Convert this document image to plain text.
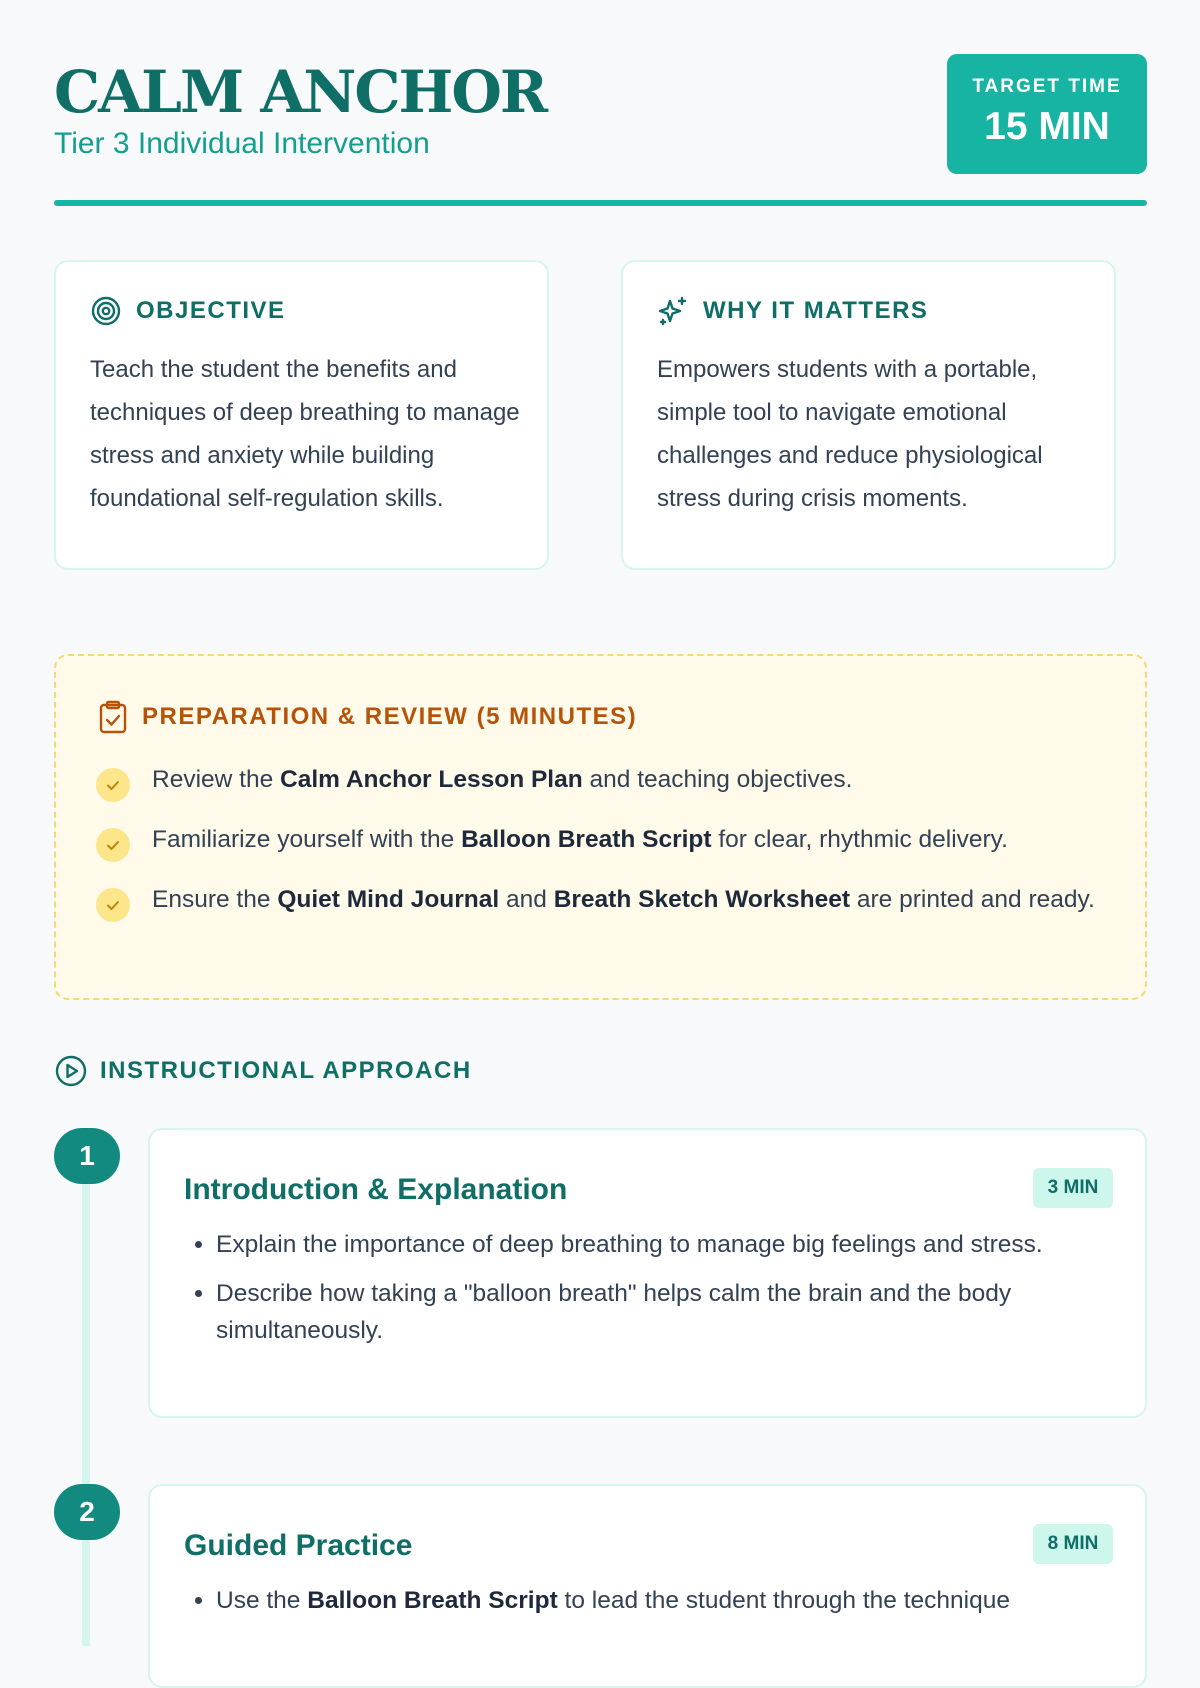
CALM ANCHOR
Tier 3 Individual Intervention
TARGET TIME
15 MIN
OBJECTIVE
Teach the student the benefits and techniques of deep breathing to manage stress and anxiety while building foundational self-regulation skills.
WHY IT MATTERS
Empowers students with a portable, simple tool to navigate emotional challenges and reduce physiological stress during crisis moments.
PREPARATION & REVIEW (5 MINUTES)
Review the Calm Anchor Lesson Plan and teaching objectives.
Familiarize yourself with the Balloon Breath Script for clear, rhythmic delivery.
Ensure the Quiet Mind Journal and Breath Sketch Worksheet are printed and ready.
INSTRUCTIONAL APPROACH
1
Introduction & Explanation	3 MIN
• Explain the importance of deep breathing to manage big feelings and stress.
• Describe how taking a "balloon breath" helps calm the brain and the body simultaneously.
2
Guided Practice	8 MIN
• Use the Balloon Breath Script to lead the student through the technique
